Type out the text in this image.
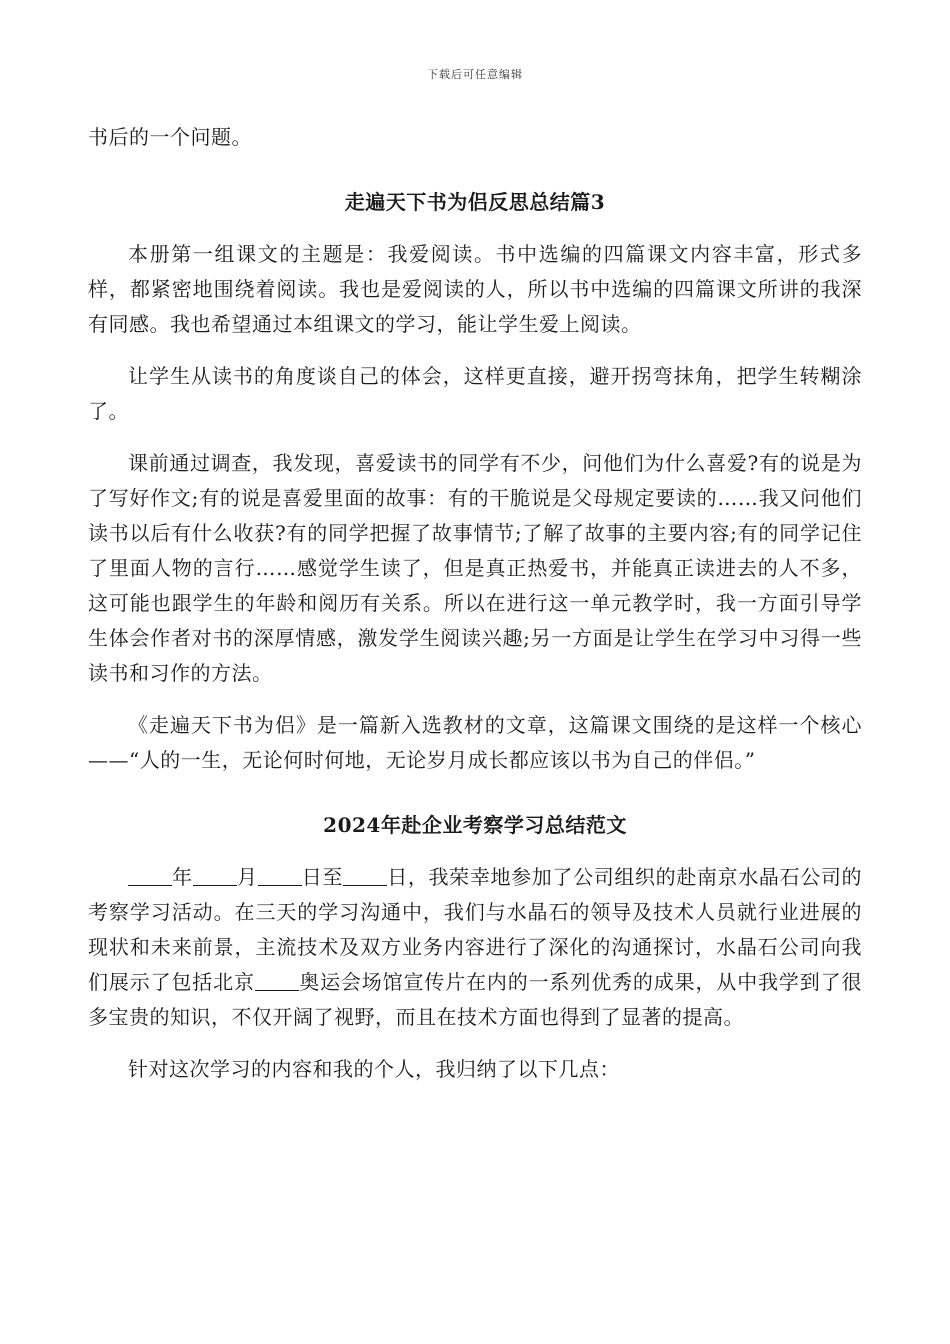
下载后可任意编辑

书后的一个问题。

走遍天下书为侣反思总结篇3

本册第一组课文的主题是：我爱阅读。书中选编的四篇课文内容丰富，形式多样，都紧密地围绕着阅读。我也是爱阅读的人，所以书中选编的四篇课文所讲的我深有同感。我也希望通过本组课文的学习，能让学生爱上阅读。

让学生从读书的角度谈自己的体会，这样更直接，避开拐弯抹角，把学生转糊涂了。

课前通过调查，我发现，喜爱读书的同学有不少，问他们为什么喜爱?有的说是为了写好作文;有的说是喜爱里面的故事：有的干脆说是父母规定要读的……我又问他们读书以后有什么收获?有的同学把握了故事情节;了解了故事的主要内容;有的同学记住了里面人物的言行……感觉学生读了，但是真正热爱书，并能真正读进去的人不多，这可能也跟学生的年龄和阅历有关系。所以在进行这一单元教学时，我一方面引导学生体会作者对书的深厚情感，激发学生阅读兴趣;另一方面是让学生在学习中习得一些读书和习作的方法。

《走遍天下书为侣》是一篇新入选教材的文章，这篇课文围绕的是这样一个核心——“人的一生，无论何时何地，无论岁月成长都应该以书为自己的伴侣。”

2024年赴企业考察学习总结范文

年 月 日至 日，我荣幸地参加了公司组织的赴南京水晶石公司的考察学习活动。在三天的学习沟通中，我们与水晶石的领导及技术人员就行业进展的现状和未来前景，主流技术及双方业务内容进行了深化的沟通探讨，水晶石公司向我们展示了包括北京 奥运会场馆宣传片在内的一系列优秀的成果，从中我学到了很多宝贵的知识，不仅开阔了视野，而且在技术方面也得到了显著的提高。

针对这次学习的内容和我的个人，我归纳了以下几点：
